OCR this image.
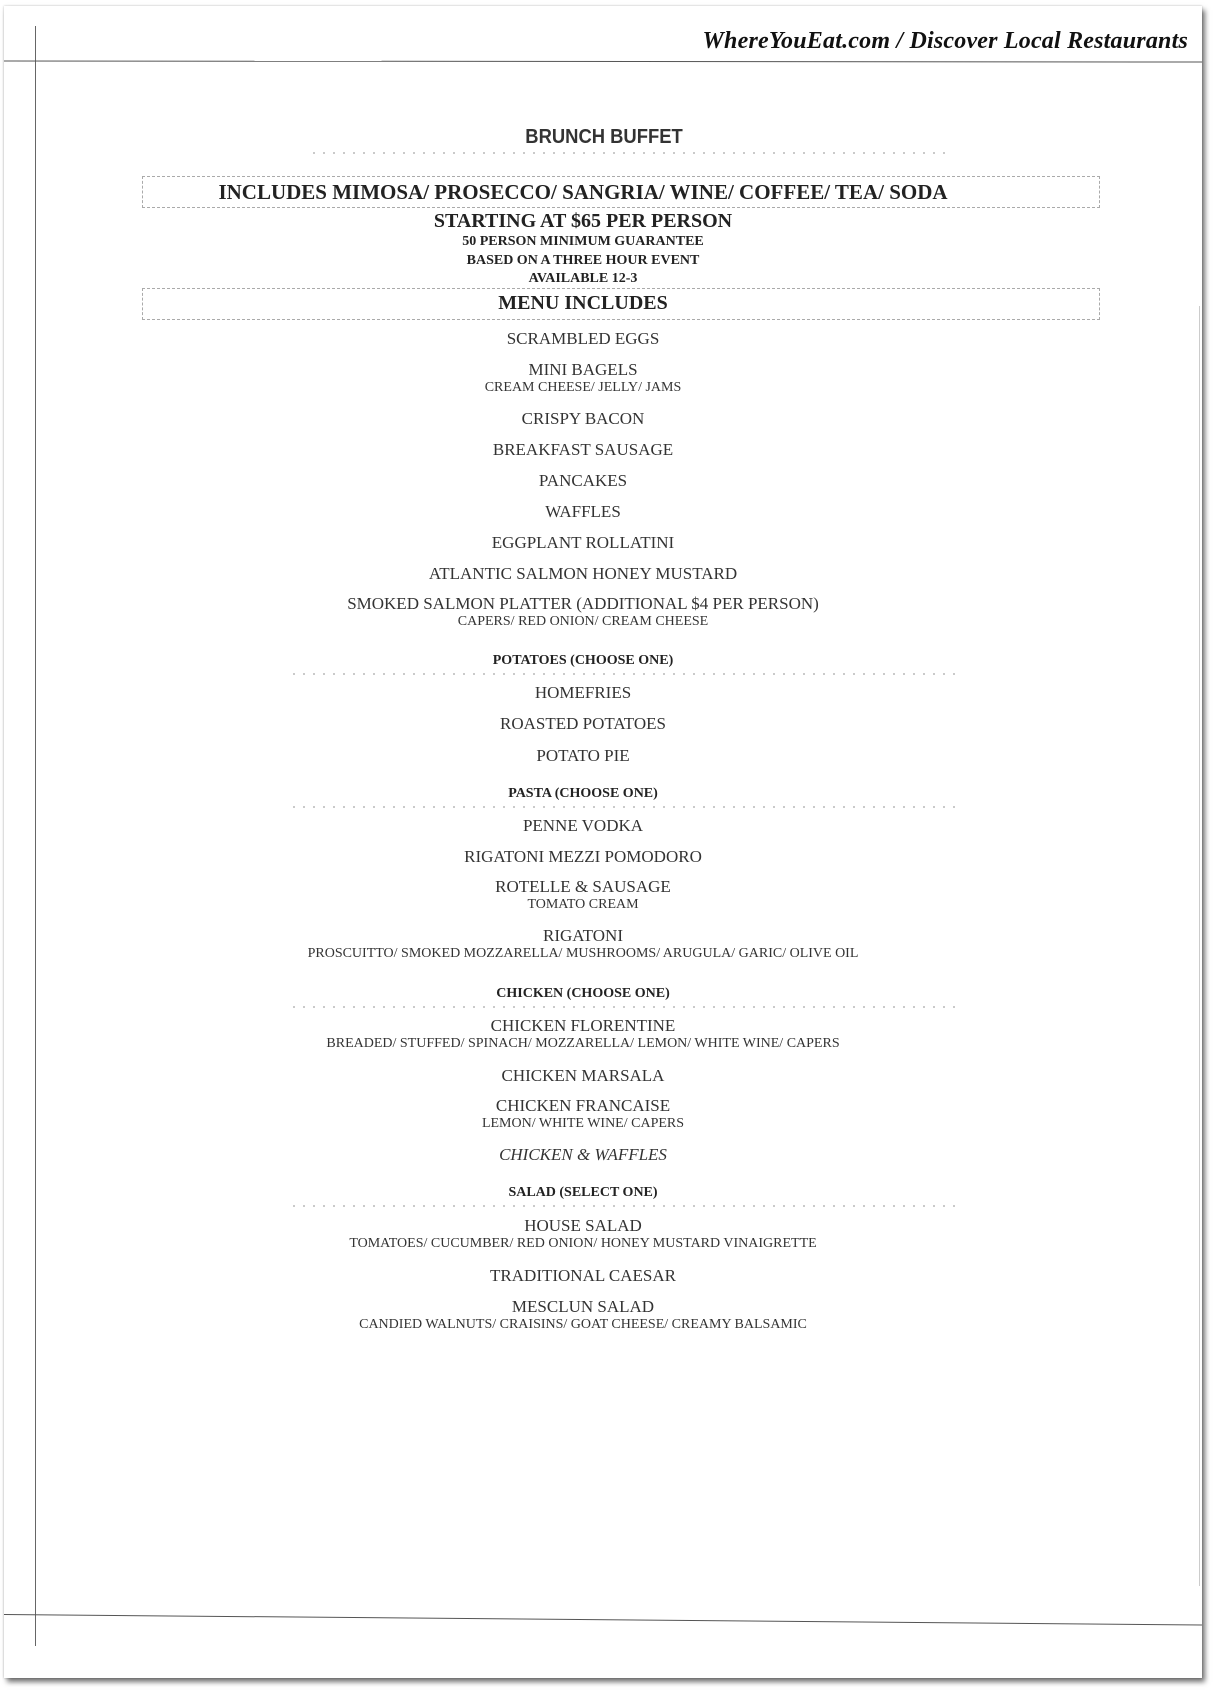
WhereYouEat.com / Discover Local Restaurants
BRUNCH BUFFET
INCLUDES MIMOSA/ PROSECCO/ SANGRIA/ WINE/ COFFEE/ TEA/ SODA
STARTING AT $65 PER PERSON
50 PERSON MINIMUM GUARANTEE
BASED ON A THREE HOUR EVENT
AVAILABLE 12-3
MENU INCLUDES
SCRAMBLED EGGS
MINI BAGELS
CREAM CHEESE/ JELLY/ JAMS
CRISPY BACON
BREAKFAST SAUSAGE
PANCAKES
WAFFLES
EGGPLANT ROLLATINI
ATLANTIC SALMON HONEY MUSTARD
SMOKED SALMON PLATTER (ADDITIONAL $4 PER PERSON)
CAPERS/ RED ONION/ CREAM CHEESE
POTATOES (CHOOSE ONE)
HOMEFRIES
ROASTED POTATOES
POTATO PIE
PASTA (CHOOSE ONE)
PENNE VODKA
RIGATONI MEZZI POMODORO
ROTELLE & SAUSAGE
TOMATO CREAM
RIGATONI
PROSCUITTO/ SMOKED MOZZARELLA/ MUSHROOMS/ ARUGULA/ GARIC/ OLIVE OIL
CHICKEN (CHOOSE ONE)
CHICKEN FLORENTINE
BREADED/ STUFFED/ SPINACH/ MOZZARELLA/ LEMON/ WHITE WINE/ CAPERS
CHICKEN MARSALA
CHICKEN FRANCAISE
LEMON/ WHITE WINE/ CAPERS
CHICKEN & WAFFLES
SALAD (SELECT ONE)
HOUSE SALAD
TOMATOES/ CUCUMBER/ RED ONION/ HONEY MUSTARD VINAIGRETTE
TRADITIONAL CAESAR
MESCLUN SALAD
CANDIED WALNUTS/ CRAISINS/ GOAT CHEESE/ CREAMY BALSAMIC
